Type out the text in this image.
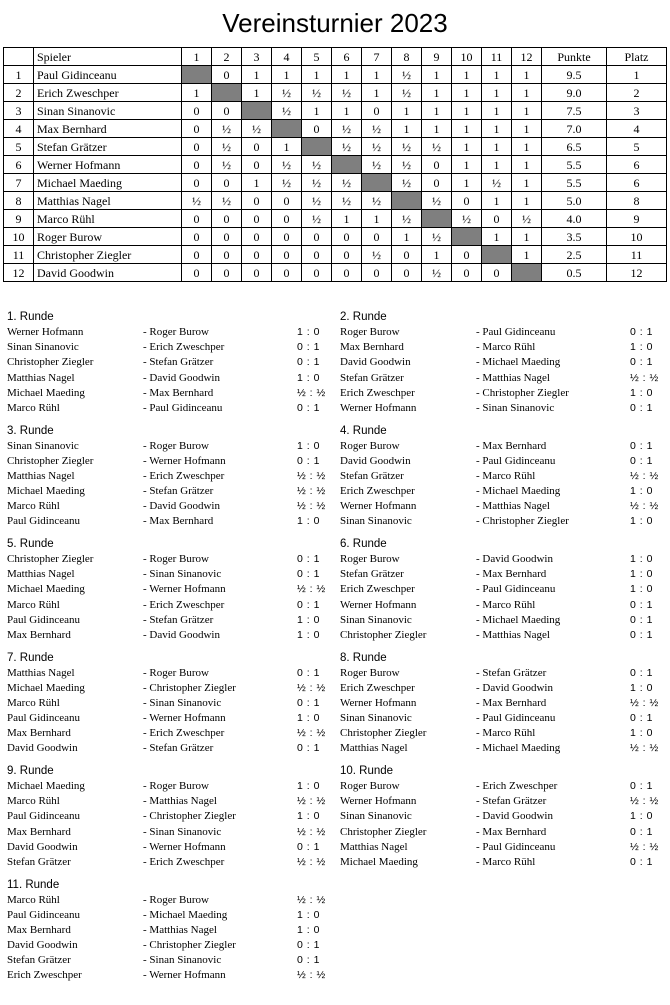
Vereinsturnier 2023
	Spieler	1	2	3	4	5	6	7	8	9	10	11	12	Punkte	Platz
1	Paul Gidinceanu		0	1	1	1	1	1	½	1	1	1	1	9.5	1
2	Erich Zweschper	1		1	½	½	½	1	½	1	1	1	1	9.0	2
3	Sinan Sinanovic	0	0		½	1	1	0	1	1	1	1	1	7.5	3
4	Max Bernhard	0	½	½		0	½	½	1	1	1	1	1	7.0	4
5	Stefan Grätzer	0	½	0	1		½	½	½	½	1	1	1	6.5	5
6	Werner Hofmann	0	½	0	½	½		½	½	0	1	1	1	5.5	6
7	Michael Maeding	0	0	1	½	½	½		½	0	1	½	1	5.5	6
8	Matthias Nagel	½	½	0	0	½	½	½		½	0	1	1	5.0	8
9	Marco Rühl	0	0	0	0	½	1	1	½		½	0	½	4.0	9
10	Roger Burow	0	0	0	0	0	0	0	1	½		1	1	3.5	10
11	Christopher Ziegler	0	0	0	0	0	0	½	0	1	0		1	2.5	11
12	David Goodwin	0	0	0	0	0	0	0	0	½	0	0		0.5	12
1. Runde
Werner Hofmann	- Roger Burow	1 : 0
Sinan Sinanovic	- Erich Zweschper	0 : 1
Christopher Ziegler	- Stefan Grätzer	0 : 1
Matthias Nagel	- David Goodwin	1 : 0
Michael Maeding	- Max Bernhard	½ : ½
Marco Rühl	- Paul Gidinceanu	0 : 1
2. Runde
Roger Burow	- Paul Gidinceanu	0 : 1
Max Bernhard	- Marco Rühl	1 : 0
David Goodwin	- Michael Maeding	0 : 1
Stefan Grätzer	- Matthias Nagel	½ : ½
Erich Zweschper	- Christopher Ziegler	1 : 0
Werner Hofmann	- Sinan Sinanovic	0 : 1
3. Runde
Sinan Sinanovic	- Roger Burow	1 : 0
Christopher Ziegler	- Werner Hofmann	0 : 1
Matthias Nagel	- Erich Zweschper	½ : ½
Michael Maeding	- Stefan Grätzer	½ : ½
Marco Rühl	- David Goodwin	½ : ½
Paul Gidinceanu	- Max Bernhard	1 : 0
4. Runde
Roger Burow	- Max Bernhard	0 : 1
David Goodwin	- Paul Gidinceanu	0 : 1
Stefan Grätzer	- Marco Rühl	½ : ½
Erich Zweschper	- Michael Maeding	1 : 0
Werner Hofmann	- Matthias Nagel	½ : ½
Sinan Sinanovic	- Christopher Ziegler	1 : 0
5. Runde
Christopher Ziegler	- Roger Burow	0 : 1
Matthias Nagel	- Sinan Sinanovic	0 : 1
Michael Maeding	- Werner Hofmann	½ : ½
Marco Rühl	- Erich Zweschper	0 : 1
Paul Gidinceanu	- Stefan Grätzer	1 : 0
Max Bernhard	- David Goodwin	1 : 0
6. Runde
Roger Burow	- David Goodwin	1 : 0
Stefan Grätzer	- Max Bernhard	1 : 0
Erich Zweschper	- Paul Gidinceanu	1 : 0
Werner Hofmann	- Marco Rühl	0 : 1
Sinan Sinanovic	- Michael Maeding	0 : 1
Christopher Ziegler	- Matthias Nagel	0 : 1
7. Runde
Matthias Nagel	- Roger Burow	0 : 1
Michael Maeding	- Christopher Ziegler	½ : ½
Marco Rühl	- Sinan Sinanovic	0 : 1
Paul Gidinceanu	- Werner Hofmann	1 : 0
Max Bernhard	- Erich Zweschper	½ : ½
David Goodwin	- Stefan Grätzer	0 : 1
8. Runde
Roger Burow	- Stefan Grätzer	0 : 1
Erich Zweschper	- David Goodwin	1 : 0
Werner Hofmann	- Max Bernhard	½ : ½
Sinan Sinanovic	- Paul Gidinceanu	0 : 1
Christopher Ziegler	- Marco Rühl	1 : 0
Matthias Nagel	- Michael Maeding	½ : ½
9. Runde
Michael Maeding	- Roger Burow	1 : 0
Marco Rühl	- Matthias Nagel	½ : ½
Paul Gidinceanu	- Christopher Ziegler	1 : 0
Max Bernhard	- Sinan Sinanovic	½ : ½
David Goodwin	- Werner Hofmann	0 : 1
Stefan Grätzer	- Erich Zweschper	½ : ½
10. Runde
Roger Burow	- Erich Zweschper	0 : 1
Werner Hofmann	- Stefan Grätzer	½ : ½
Sinan Sinanovic	- David Goodwin	1 : 0
Christopher Ziegler	- Max Bernhard	0 : 1
Matthias Nagel	- Paul Gidinceanu	½ : ½
Michael Maeding	- Marco Rühl	0 : 1
11. Runde
Marco Rühl	- Roger Burow	½ : ½
Paul Gidinceanu	- Michael Maeding	1 : 0
Max Bernhard	- Matthias Nagel	1 : 0
David Goodwin	- Christopher Ziegler	0 : 1
Stefan Grätzer	- Sinan Sinanovic	0 : 1
Erich Zweschper	- Werner Hofmann	½ : ½
